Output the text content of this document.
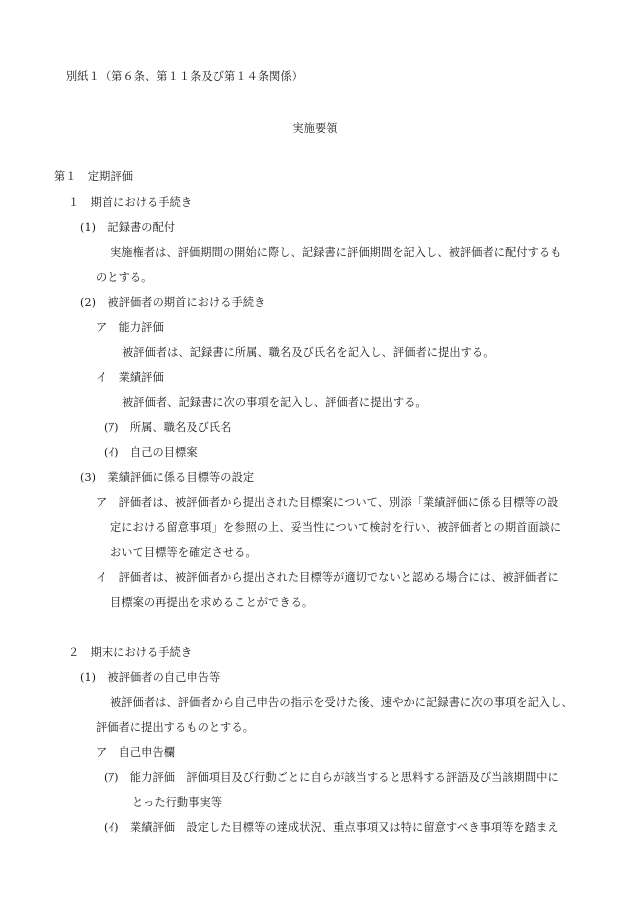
別紙１（第６条、第１１条及び第１４条関係）
実施要領
第１　定期評価
１　期首における手続き
(1)　記録書の配付
実施権者は、評価期間の開始に際し、記録書に評価期間を記入し、被評価者に配付するも
のとする。
(2)　被評価者の期首における手続き
ア　能力評価
被評価者は、記録書に所属、職名及び氏名を記入し、評価者に提出する。
イ　業績評価
被評価者、記録書に次の事項を記入し、評価者に提出する。
(ｱ)　所属、職名及び氏名
(ｲ)　自己の目標案
(3)　業績評価に係る目標等の設定
ア　評価者は、被評価者から提出された目標案について、別添「業績評価に係る目標等の設
定における留意事項」を参照の上、妥当性について検討を行い、被評価者との期首面談に
おいて目標等を確定させる。
イ　評価者は、被評価者から提出された目標等が適切でないと認める場合には、被評価者に
目標案の再提出を求めることができる。
２　期末における手続き
(1)　被評価者の自己申告等
被評価者は、評価者から自己申告の指示を受けた後、速やかに記録書に次の事項を記入し、
評価者に提出するものとする。
ア　自己申告欄
(ｱ)　能力評価　評価項目及び行動ごとに自らが該当すると思料する評語及び当該期間中に
とった行動事実等
(ｲ)　業績評価　設定した目標等の達成状況、重点事項又は特に留意すべき事項等を踏まえ
